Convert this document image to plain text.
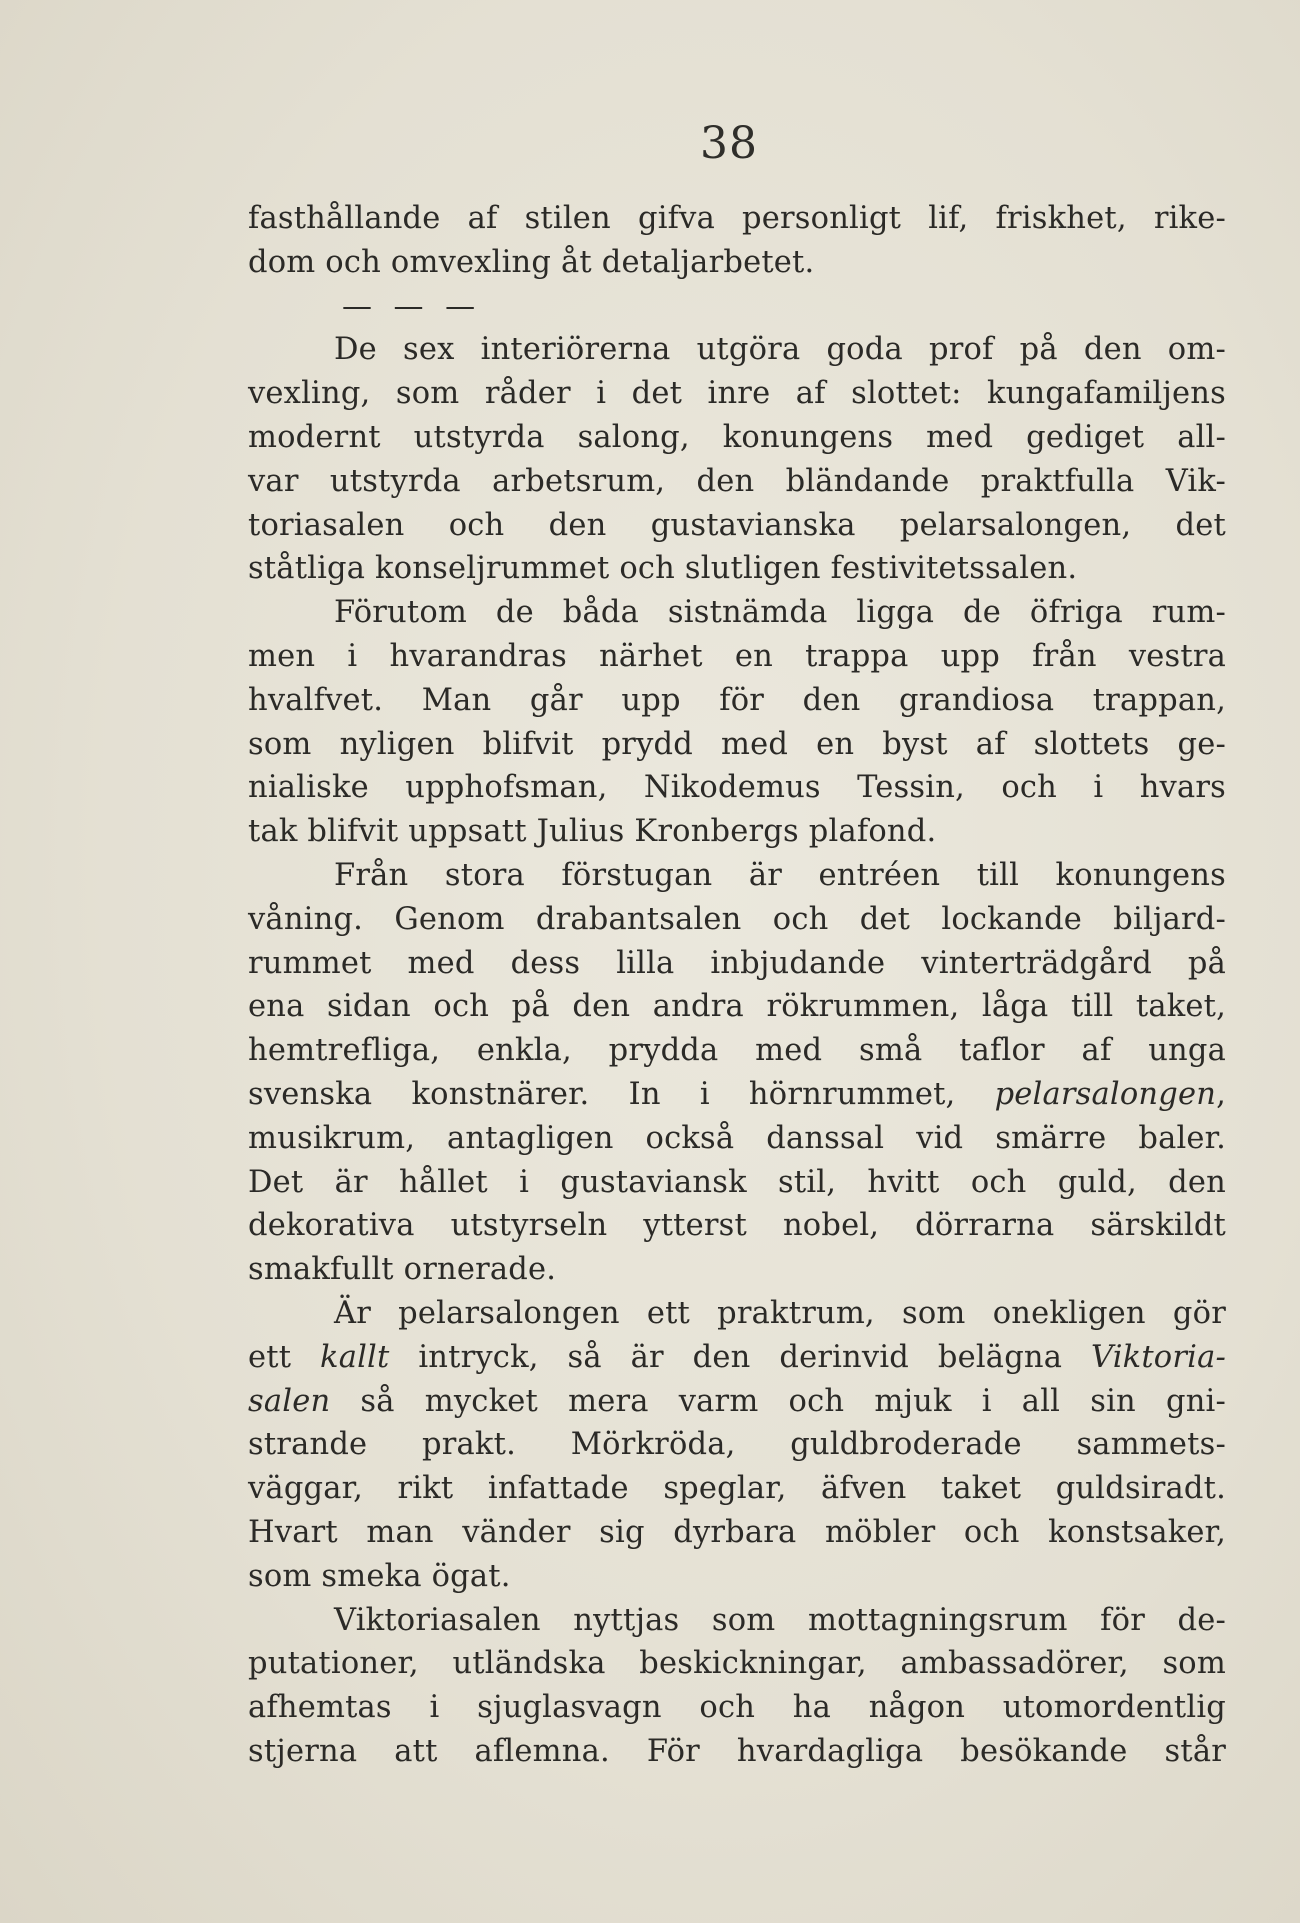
38
fasthållande af stilen gifva personligt lif, friskhet, rike-
dom och omvexling åt detaljarbetet.
— — —
De sex interiörerna utgöra goda prof på den om-
vexling, som råder i det inre af slottet: kungafamiljens
modernt utstyrda salong, konungens med gediget all-
var utstyrda arbetsrum, den bländande praktfulla Vik-
toriasalen och den gustavianska pelarsalongen, det
ståtliga konseljrummet och slutligen festivitetssalen.
Förutom de båda sistnämda ligga de öfriga rum-
men i hvarandras närhet en trappa upp från vestra
hvalfvet. Man går upp för den grandiosa trappan,
som nyligen blifvit prydd med en byst af slottets ge-
nialiske upphofsman, Nikodemus Tessin, och i hvars
tak blifvit uppsatt Julius Kronbergs plafond.
Från stora förstugan är entréen till konungens
våning. Genom drabantsalen och det lockande biljard-
rummet med dess lilla inbjudande vinterträdgård på
ena sidan och på den andra rökrummen, låga till taket,
hemtrefliga, enkla, prydda med små taflor af unga
svenska konstnärer. In i hörnrummet, pelarsalongen,
musikrum, antagligen också danssal vid smärre baler.
Det är hållet i gustaviansk stil, hvitt och guld, den
dekorativa utstyrseln ytterst nobel, dörrarna särskildt
smakfullt ornerade.
Är pelarsalongen ett praktrum, som onekligen gör
ett kallt intryck, så är den derinvid belägna Viktoria-
salen så mycket mera varm och mjuk i all sin gni-
strande prakt. Mörkröda, guldbroderade sammets-
väggar, rikt infattade speglar, äfven taket guldsiradt.
Hvart man vänder sig dyrbara möbler och konstsaker,
som smeka ögat.
Viktoriasalen nyttjas som mottagningsrum för de-
putationer, utländska beskickningar, ambassadörer, som
afhemtas i sjuglasvagn och ha någon utomordentlig
stjerna att aflemna. För hvardagliga besökande står
